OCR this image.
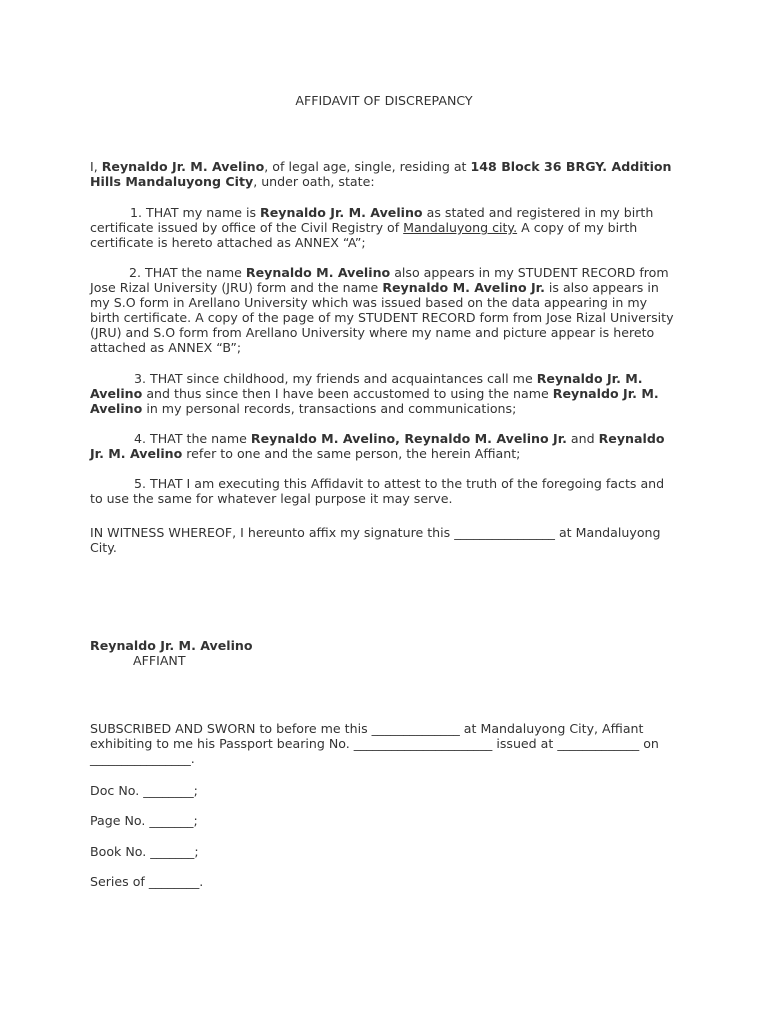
AFFIDAVIT OF DISCREPANCY
I, Reynaldo Jr. M. Avelino, of legal age, single, residing at 148 Block 36 BRGY. Addition
Hills Mandaluyong City, under oath, state:
1. THAT my name is Reynaldo Jr. M. Avelino as stated and registered in my birth
certificate issued by office of the Civil Registry of Mandaluyong city. A copy of my birth
certificate is hereto attached as ANNEX “A”;
2. THAT the name Reynaldo M. Avelino also appears in my STUDENT RECORD from
Jose Rizal University (JRU) form and the name Reynaldo M. Avelino Jr. is also appears in
my S.O form in Arellano University which was issued based on the data appearing in my
birth certificate. A copy of the page of my STUDENT RECORD form from Jose Rizal University
(JRU) and S.O form from Arellano University where my name and picture appear is hereto
attached as ANNEX “B”;
3. THAT since childhood, my friends and acquaintances call me Reynaldo Jr. M.
Avelino and thus since then I have been accustomed to using the name Reynaldo Jr. M.
Avelino in my personal records, transactions and communications;
4. THAT the name Reynaldo M. Avelino, Reynaldo M. Avelino Jr. and Reynaldo
Jr. M. Avelino refer to one and the same person, the herein Affiant;
5. THAT I am executing this Affidavit to attest to the truth of the foregoing facts and
to use the same for whatever legal purpose it may serve.
IN WITNESS WHEREOF, I hereunto affix my signature this ________________ at Mandaluyong
City.
Reynaldo Jr. M. Avelino
AFFIANT
SUBSCRIBED AND SWORN to before me this ______________ at Mandaluyong City, Affiant
exhibiting to me his Passport bearing No. ______________________ issued at _____________ on
________________.
Doc No. ________;
Page No. _______;
Book No. _______;
Series of ________.
